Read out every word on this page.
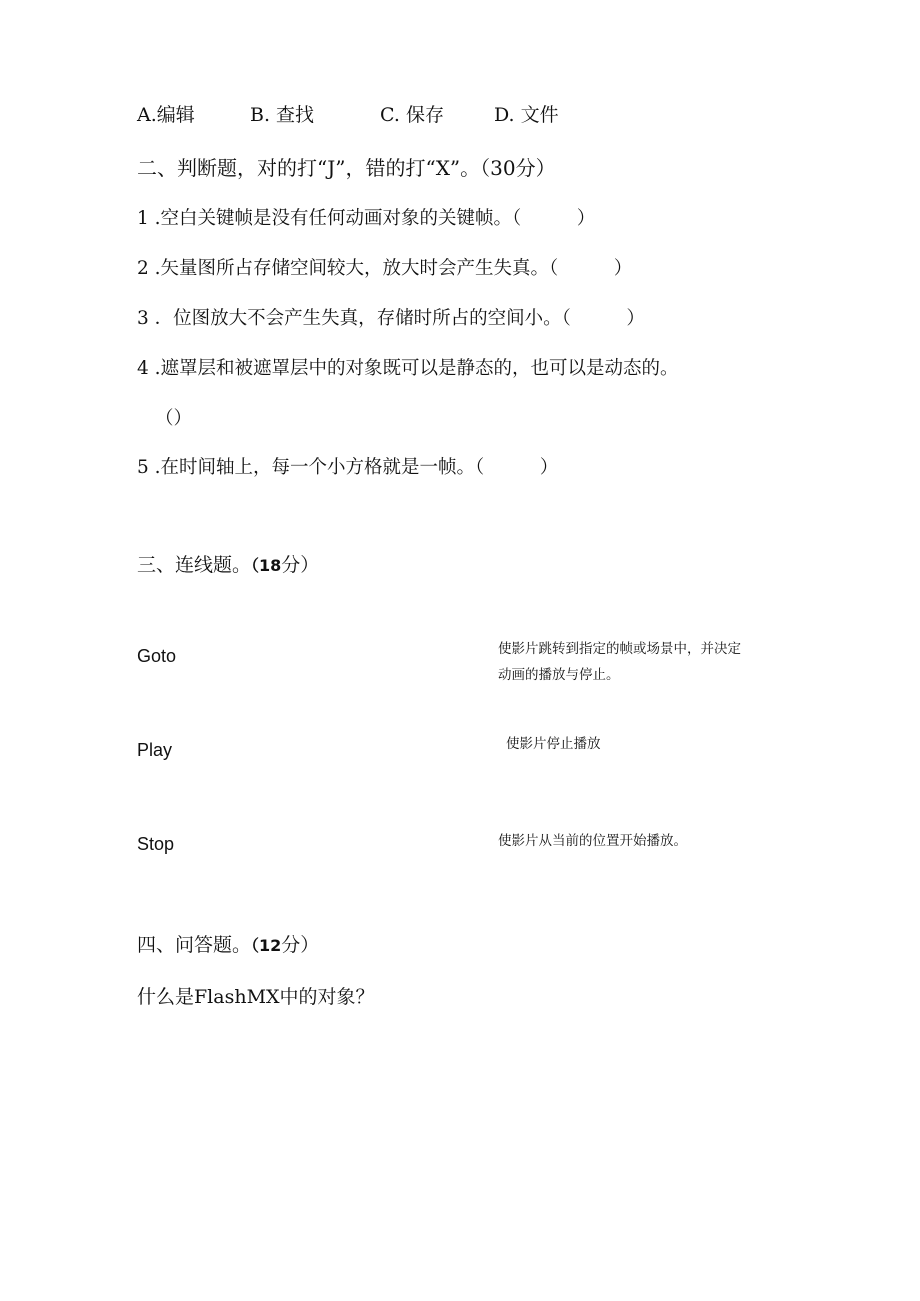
A.编辑	B. 查找	C. 保存	D. 文件
二、判断题，对的打“J”，错的打“X”。（30分）
1 .空白关键帧是没有任何动画对象的关键帧。（　　　）
2 .矢量图所占存储空间较大，放大时会产生失真。（　　　）
3 ．位图放大不会产生失真，存储时所占的空间小。（　　　）
4 .遮罩层和被遮罩层中的对象既可以是静态的，也可以是动态的。
（）
5 .在时间轴上，每一个小方格就是一帧。（　　　）
三、连线题。（18分）
Goto
Play
Stop
使影片跳转到指定的帧或场景中，并决定
动画的播放与停止。
使影片停止播放
使影片从当前的位置开始播放。
四、问答题。（12分）
什么是FlashMX中的对象？
